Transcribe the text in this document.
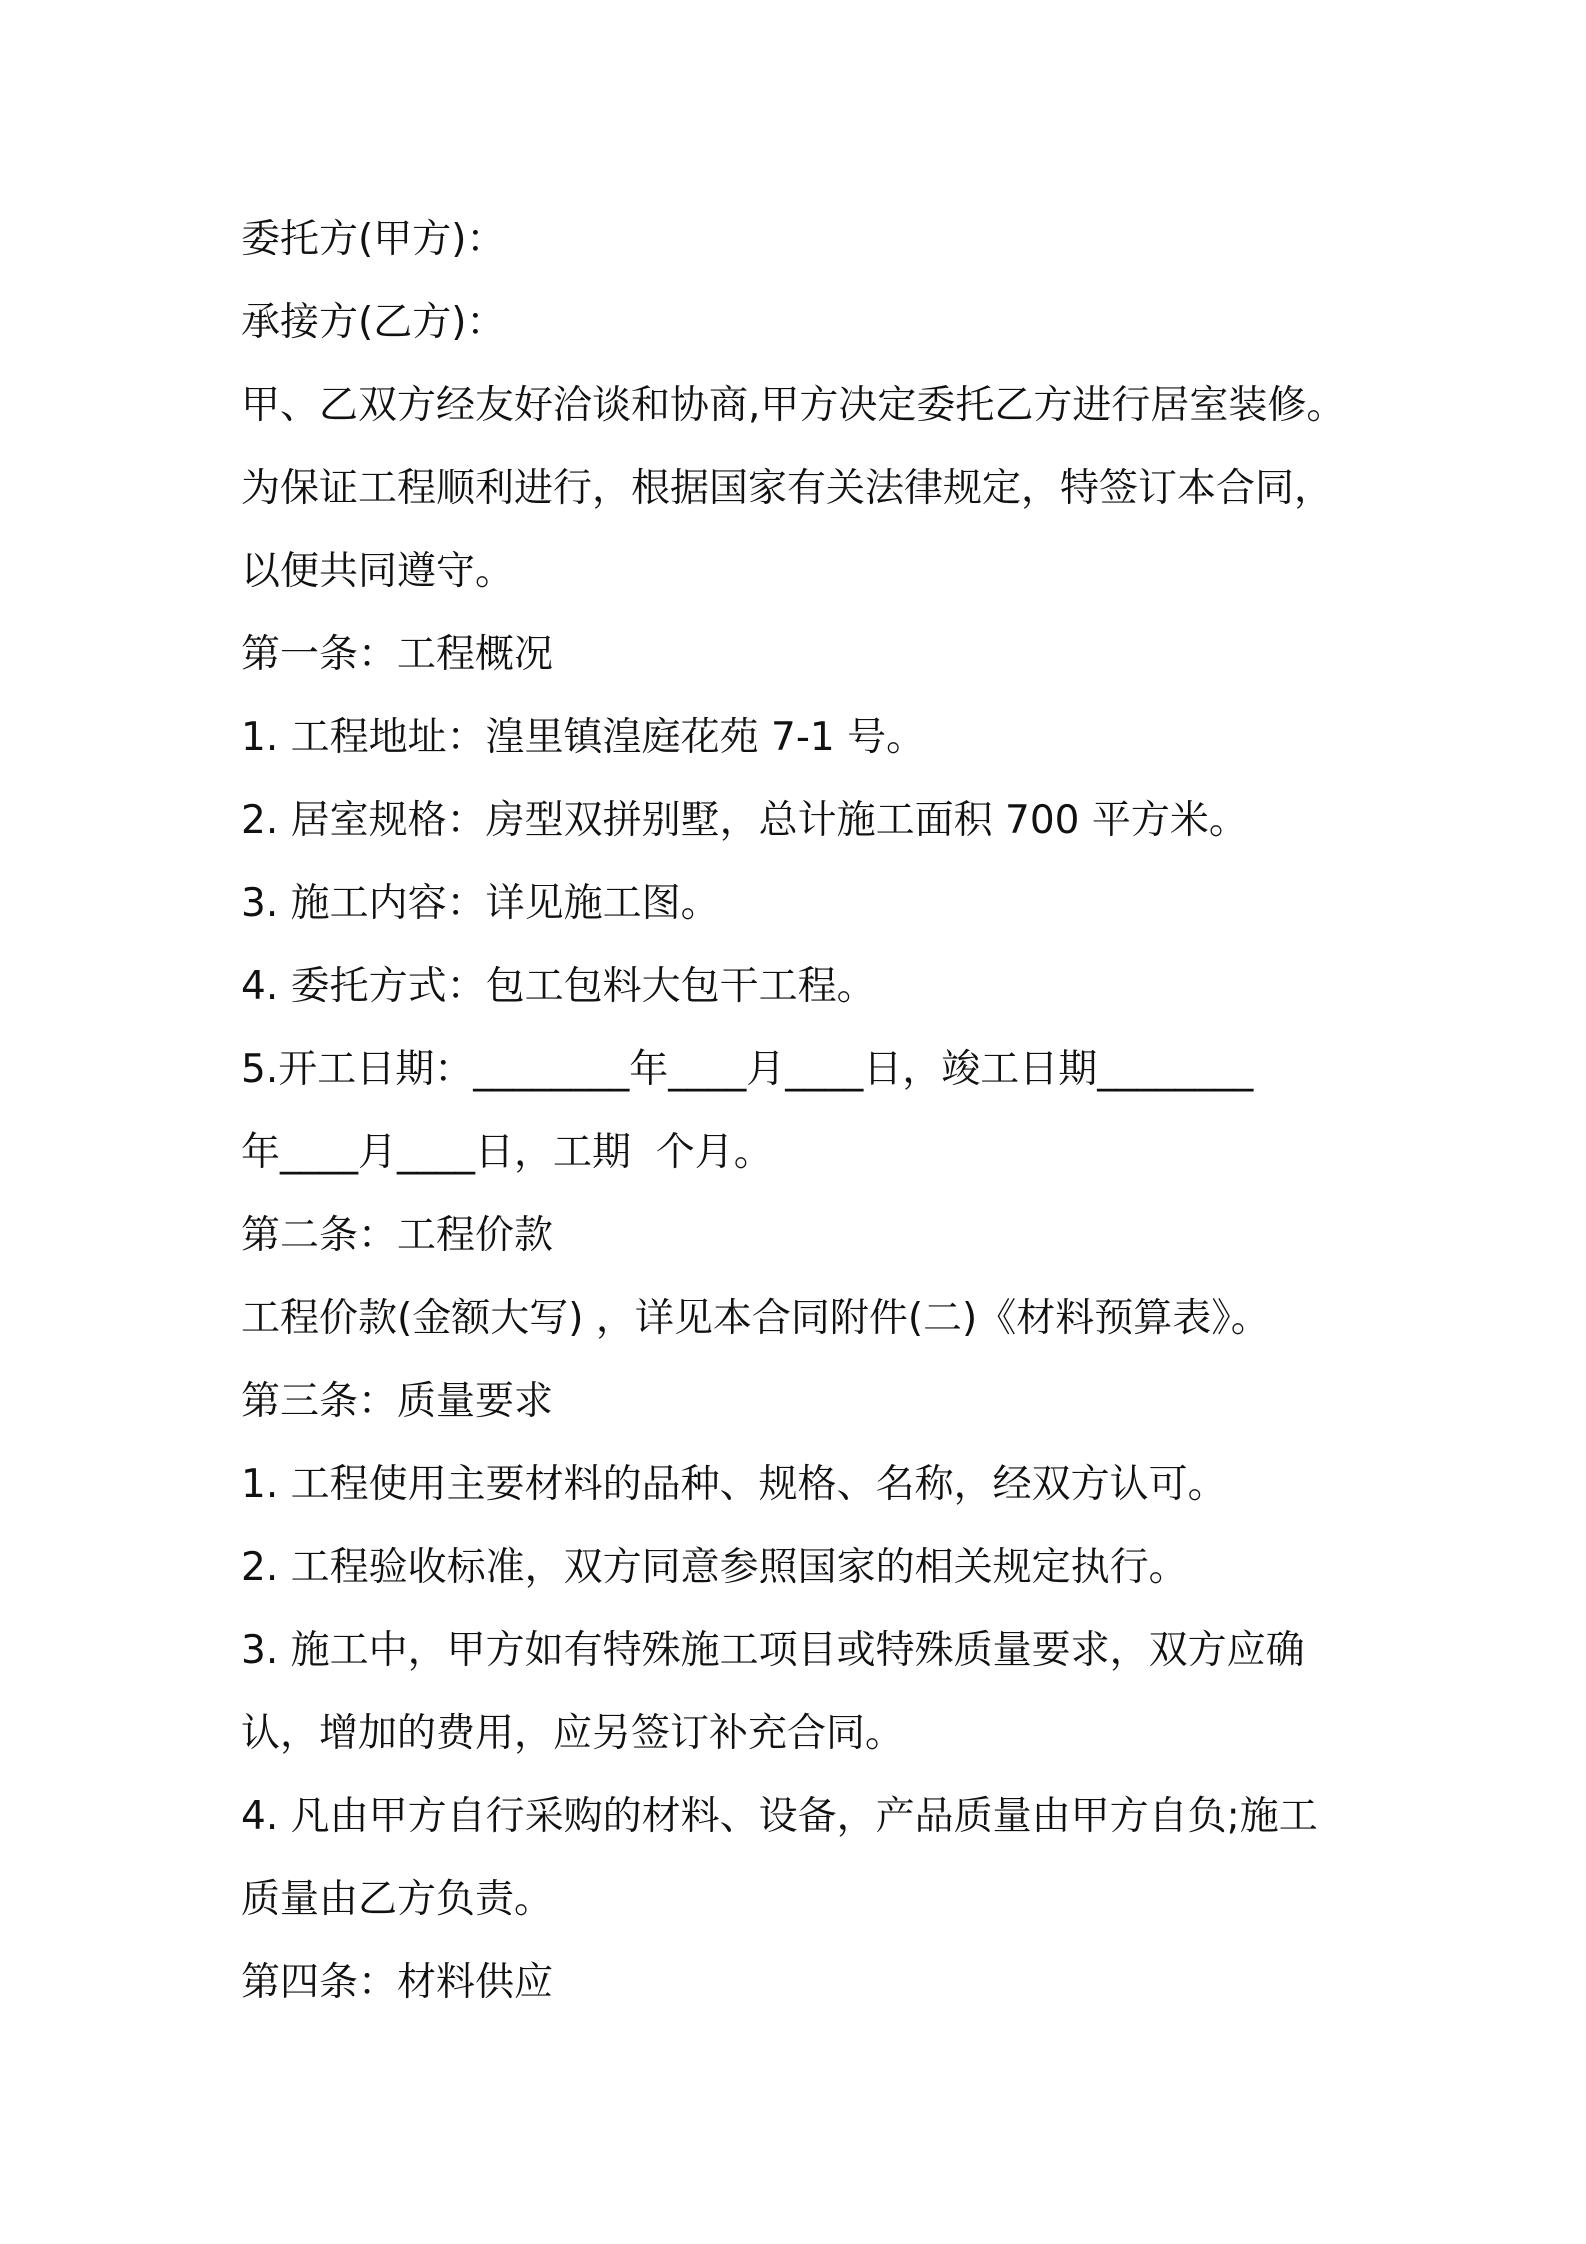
委托方(甲方)：
承接方(乙方)：
甲、乙双方经友好洽谈和协商,甲方决定委托乙方进行居室装修。
为保证工程顺利进行，根据国家有关法律规定，特签订本合同，
以便共同遵守。
第一条：工程概况
1. 工程地址：湟里镇湟庭花苑 7-1 号。
2. 居室规格：房型双拼别墅，总计施工面积 700 平方米。
3. 施工内容：详见施工图。
4. 委托方式：包工包料大包干工程。
5.开工日期：________年____月____日，竣工日期________
年____月____日，工期  个月。
第二条：工程价款
工程价款(金额大写) ，详见本合同附件(二)《材料预算表》。
第三条：质量要求
1. 工程使用主要材料的品种、规格、名称，经双方认可。
2. 工程验收标准，双方同意参照国家的相关规定执行。
3. 施工中，甲方如有特殊施工项目或特殊质量要求，双方应确
认，增加的费用，应另签订补充合同。
4. 凡由甲方自行采购的材料、设备，产品质量由甲方自负;施工
质量由乙方负责。
第四条：材料供应
